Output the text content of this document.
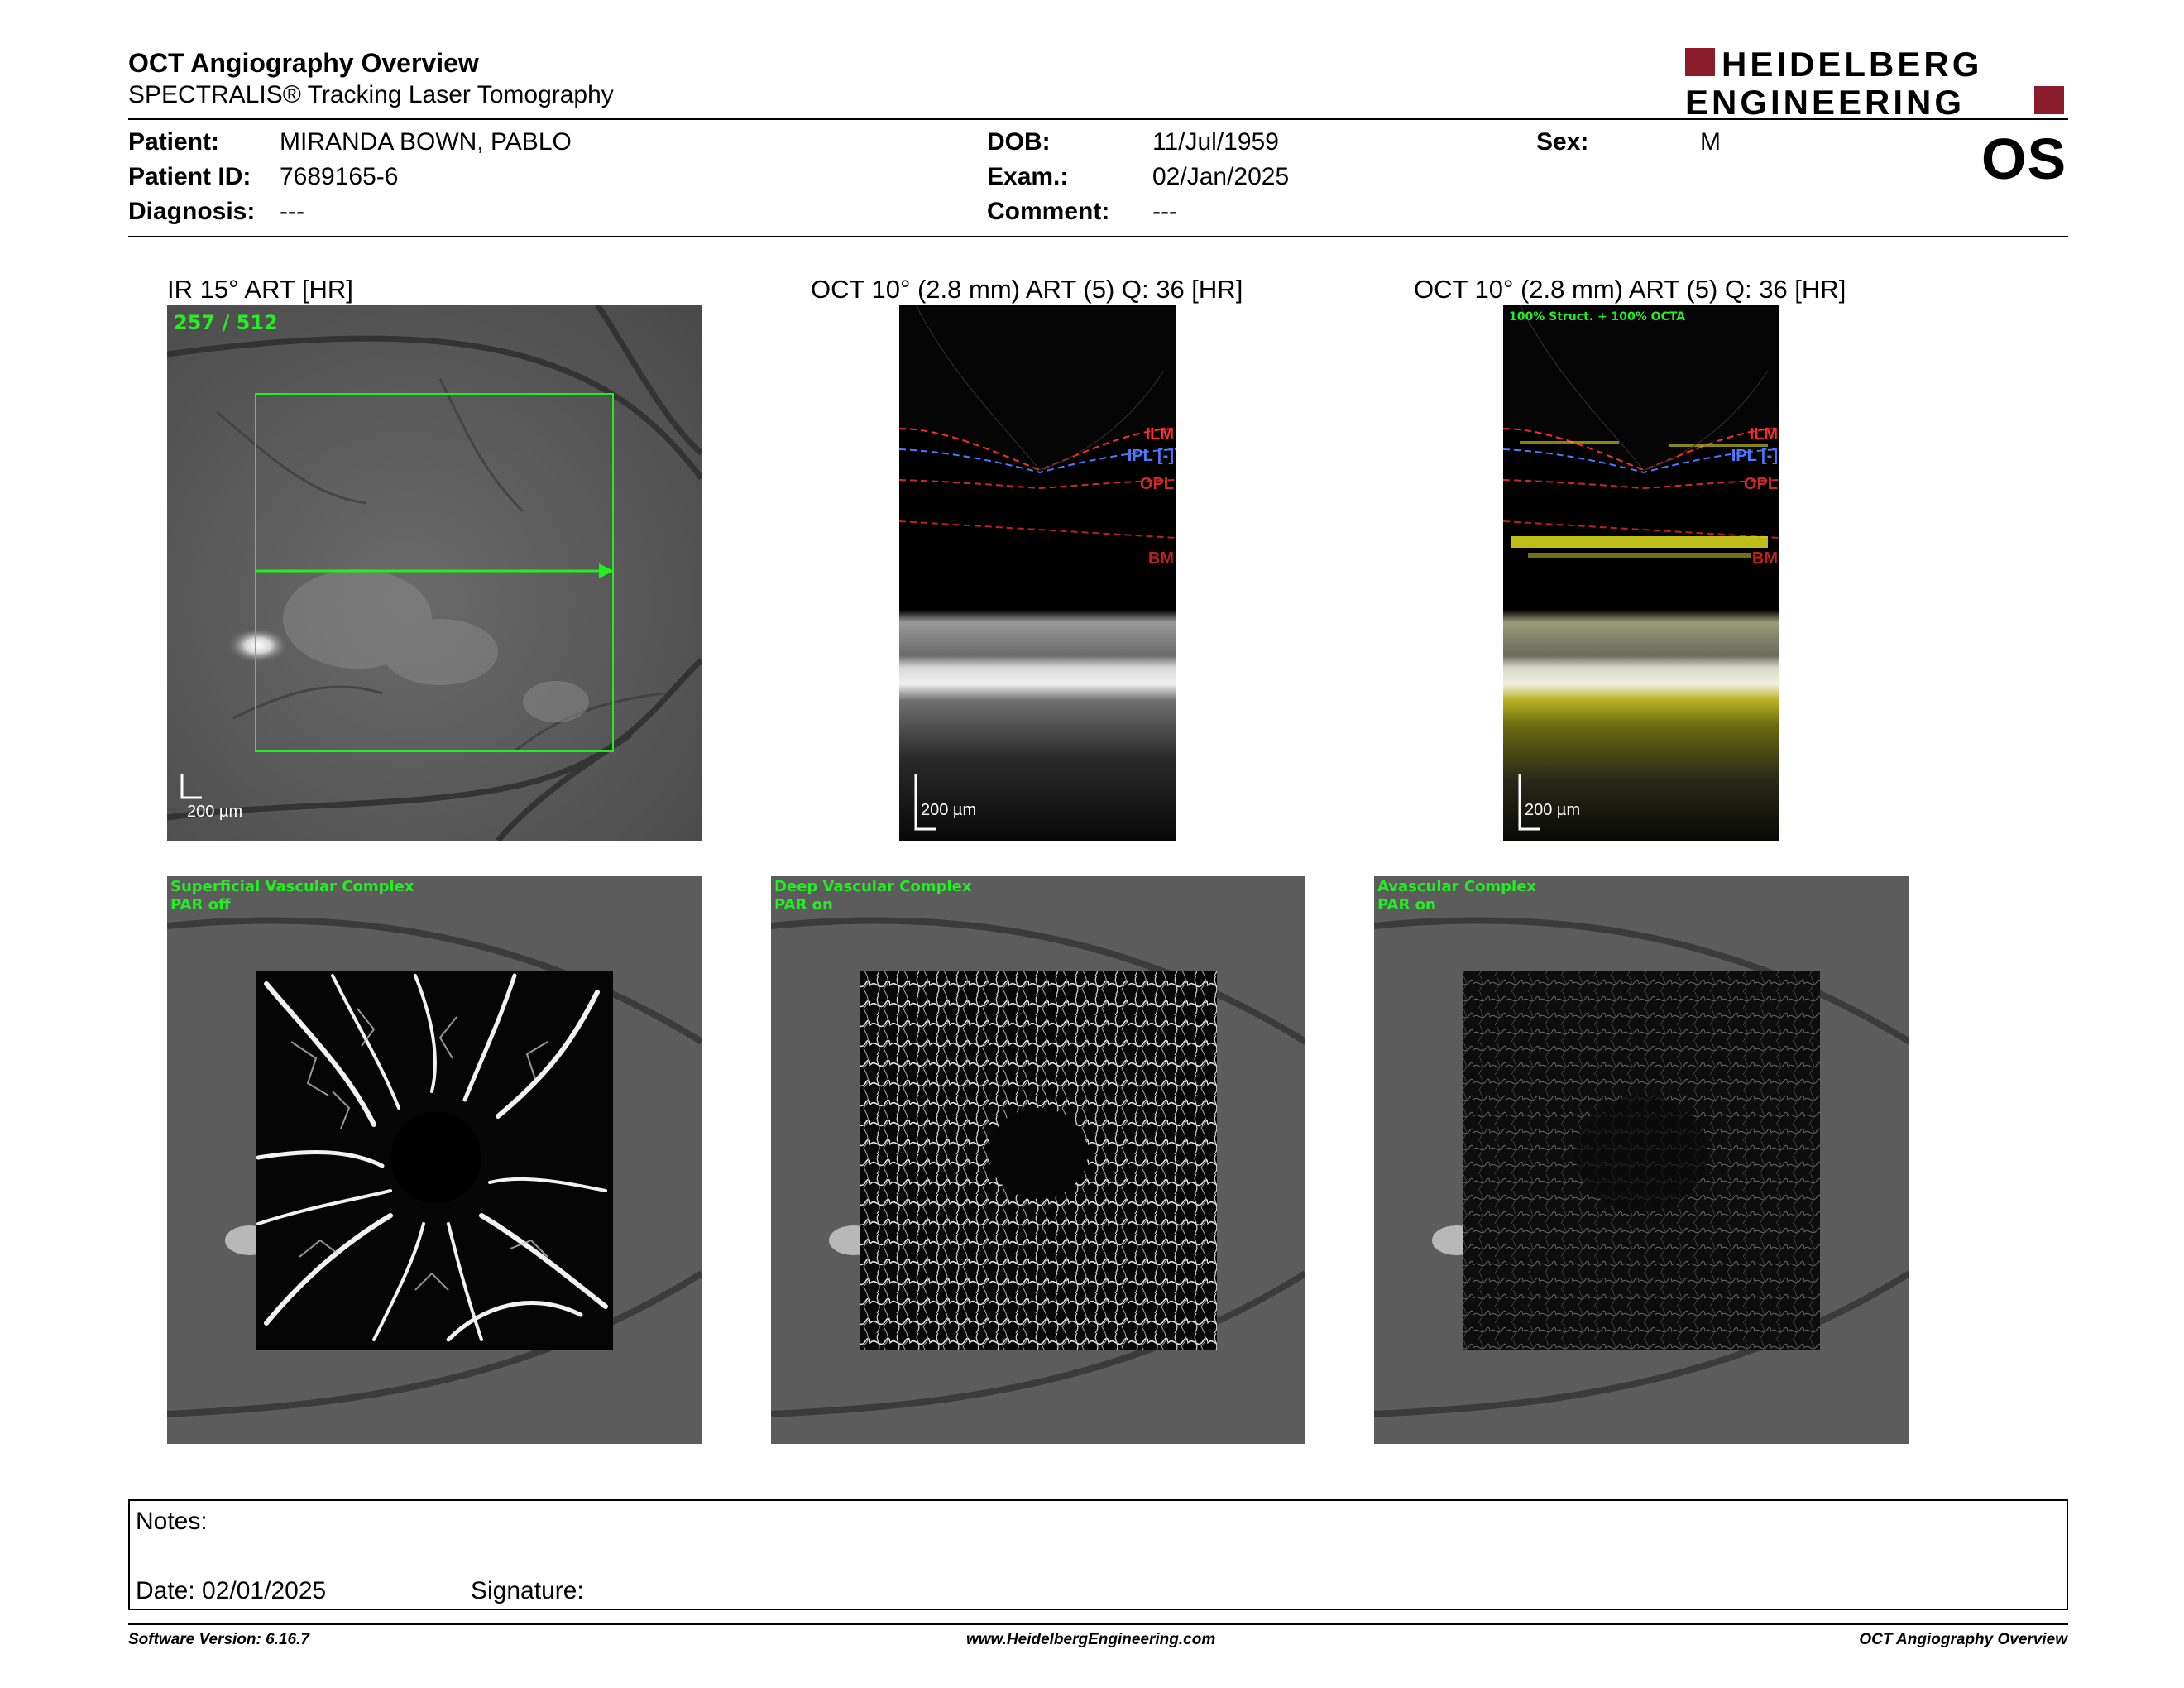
OCT Angiography Overview
SPECTRALIS® Tracking Laser Tomography
HEIDELBERG
ENGINEERING
Patient: MIRANDA BOWN, PABLO
Patient ID: 7689165-6
Diagnosis: ---
DOB:	11/Jul/1959
Exam.:	02/Jan/2025
Comment: ---
Sex:	M	OS
IR 15° ART [HR]	OCT 10° (2.8 mm) ART (5) Q: 36 [HR]	OCT 10° (2.8 mm) ART (5) Q: 36 [HR]
257 / 512
200 µm
ILM
IPL [-]
OPL
BM
200 µm
100% Struct. + 100% OCTA
ILM
IPL [-]
OPL
BM
200 µm
Superficial Vascular Complex
PAR off
Deep Vascular Complex
PAR on
Avascular Complex
PAR on
Notes:
Date: 02/01/2025	Signature:
Software Version: 6.16.7	www.HeidelbergEngineering.com	OCT Angiography Overview
